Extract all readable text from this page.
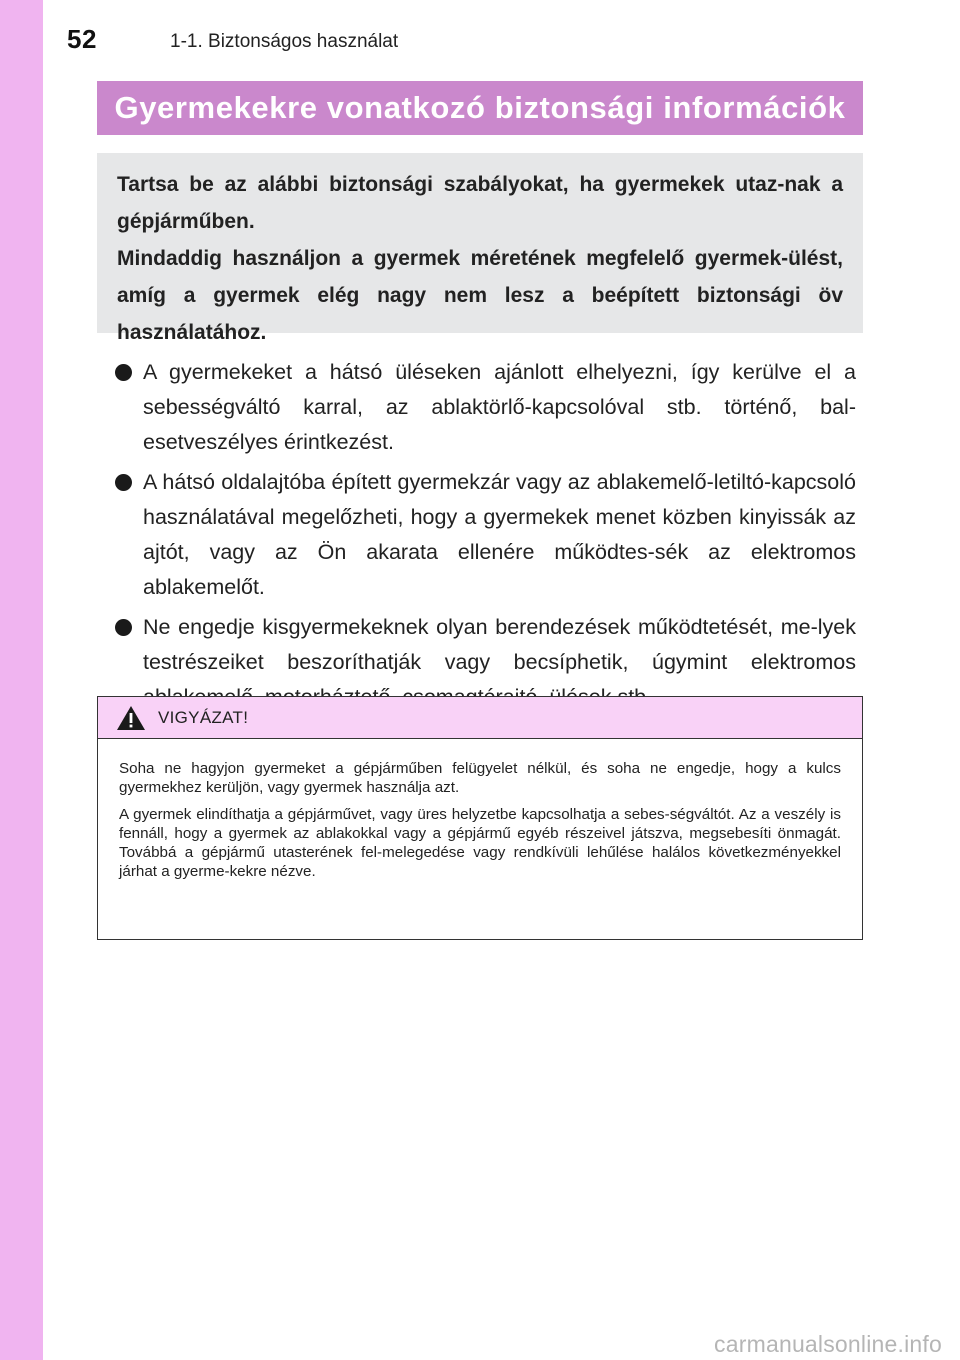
52	1-1. Biztonságos használat
Gyermekekre vonatkozó biztonsági információk

Tartsa be az alábbi biztonsági szabályokat, ha gyermekek utaz-nak a gépjárműben.

Mindaddig használjon a gyermek méretének megfelelő gyermek-ülést, amíg a gyermek elég nagy nem lesz a beépített biztonsági öv használatához.

A gyermekeket a hátsó üléseken ajánlott elhelyezni, így kerülve el a sebességváltó karral, az ablaktörlő-kapcsolóval stb. történő, bal-esetveszélyes érintkezést.
A hátsó oldalajtóba épített gyermekzár vagy az ablakemelő-letiltó-kapcsoló használatával megelőzheti, hogy a gyermekek menet közben kinyissák az ajtót, vagy az Ön akarata ellenére működtes-sék az elektromos ablakemelőt.
Ne engedje kisgyermekeknek olyan berendezések működtetését, me-lyek testrészeiket beszoríthatják vagy becsíphetik, úgymint elektromos
VIGYÁZAT!

Soha ne hagyjon gyermeket a gépjárműben felügyelet nélkül, és soha ne engedje, hogy a kulcs gyermekhez kerüljön, vagy gyermek használja azt.

A gyermek elindíthatja a gépjárművet, vagy üres helyzetbe kapcsolhatja a sebes-ségváltót. Az a veszély is fennáll, hogy a gyermek az ablakokkal vagy a gépjármű egyéb részeivel játszva, megsebesíti önmagát. Továbbá a gépjármű utasterének fel-melegedése vagy rendkívüli lehűlése halálos következményekkel járhat a gyerme-kekre nézve.

carmanualsonline.info
